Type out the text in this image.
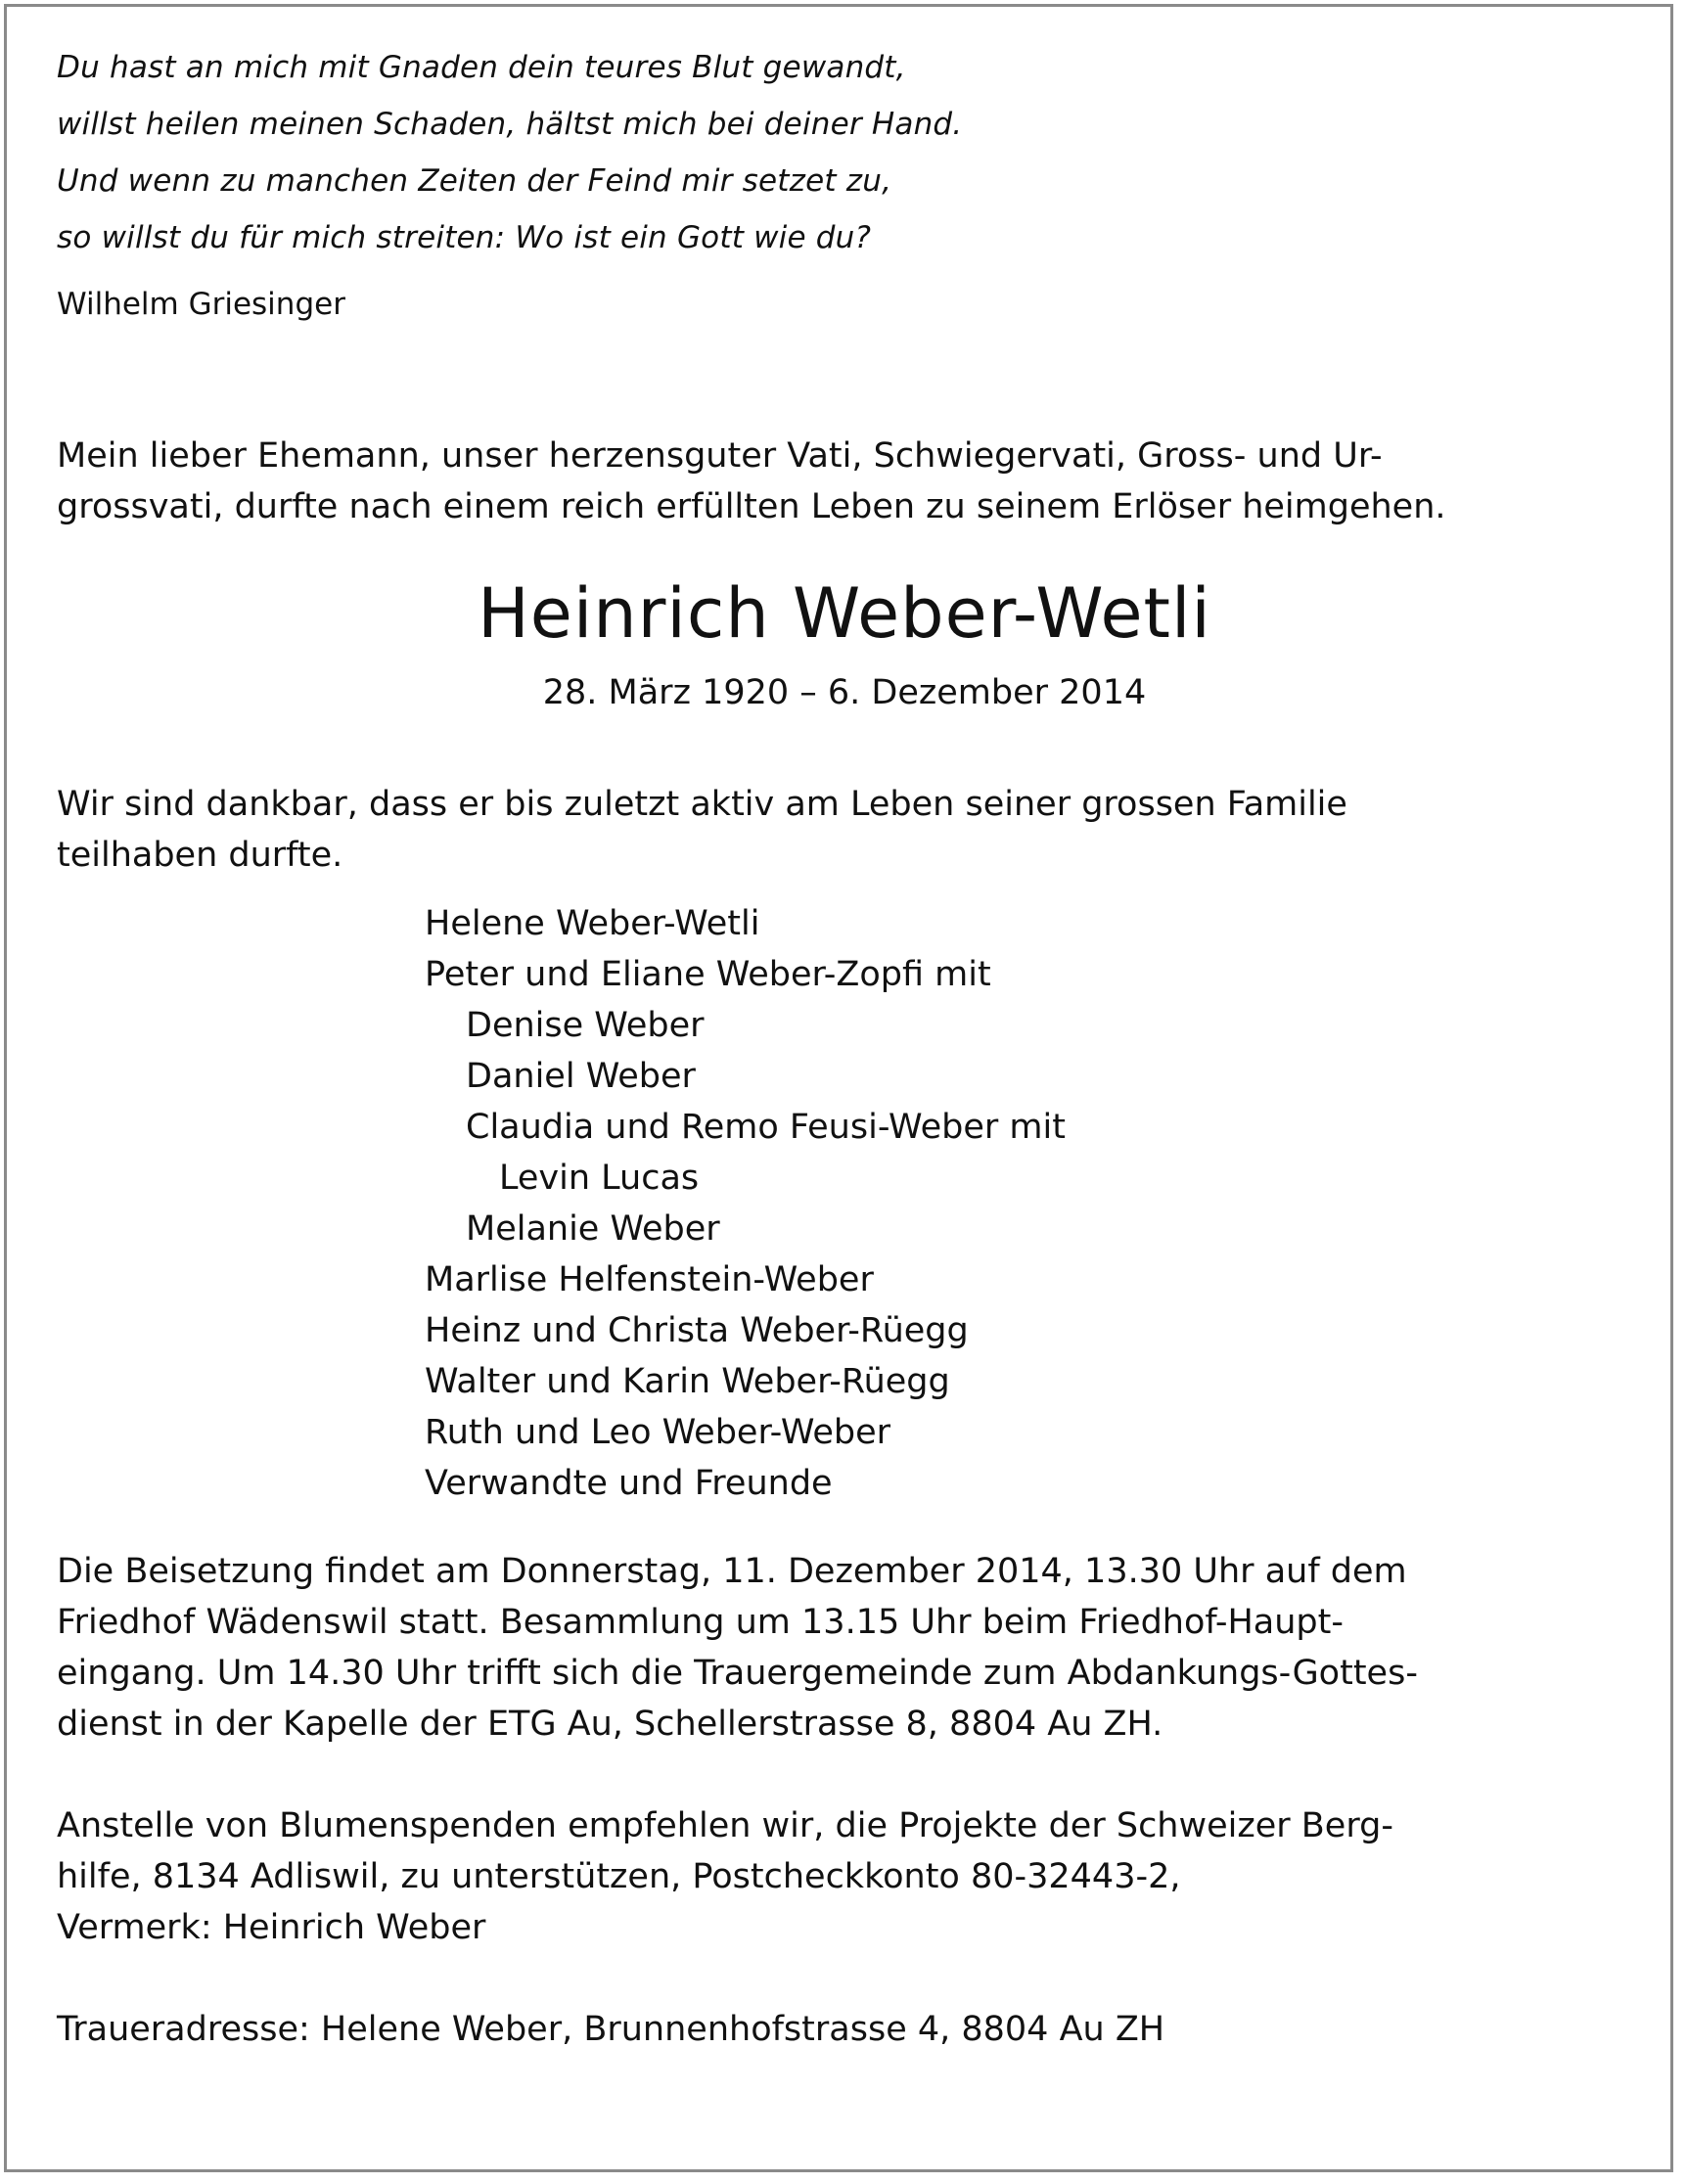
Du hast an mich mit Gnaden dein teures Blut gewandt,
willst heilen meinen Schaden, hältst mich bei deiner Hand.
Und wenn zu manchen Zeiten der Feind mir setzet zu,
so willst du für mich streiten: Wo ist ein Gott wie du?
Wilhelm Griesinger
Mein lieber Ehemann, unser herzensguter Vati, Schwiegervati, Gross- und Ur-
grossvati, durfte nach einem reich erfüllten Leben zu seinem Erlöser heimgehen.
Heinrich Weber-Wetli
28. März 1920 – 6. Dezember 2014
Wir sind dankbar, dass er bis zuletzt aktiv am Leben seiner grossen Familie
teilhaben durfte.
Helene Weber-Wetli
Peter und Eliane Weber-Zopfi mit
Denise Weber
Daniel Weber
Claudia und Remo Feusi-Weber mit
Levin Lucas
Melanie Weber
Marlise Helfenstein-Weber
Heinz und Christa Weber-Rüegg
Walter und Karin Weber-Rüegg
Ruth und Leo Weber-Weber
Verwandte und Freunde
Die Beisetzung findet am Donnerstag, 11. Dezember 2014, 13.30 Uhr auf dem
Friedhof Wädenswil statt. Besammlung um 13.15 Uhr beim Friedhof-Haupt-
eingang. Um 14.30 Uhr trifft sich die Trauergemeinde zum Abdankungs-Gottes-
dienst in der Kapelle der ETG Au, Schellerstrasse 8, 8804 Au ZH.
Anstelle von Blumenspenden empfehlen wir, die Projekte der Schweizer Berg-
hilfe, 8134 Adliswil, zu unterstützen, Postcheckkonto 80-32443-2,
Vermerk: Heinrich Weber
Traueradresse: Helene Weber, Brunnenhofstrasse 4, 8804 Au ZH
